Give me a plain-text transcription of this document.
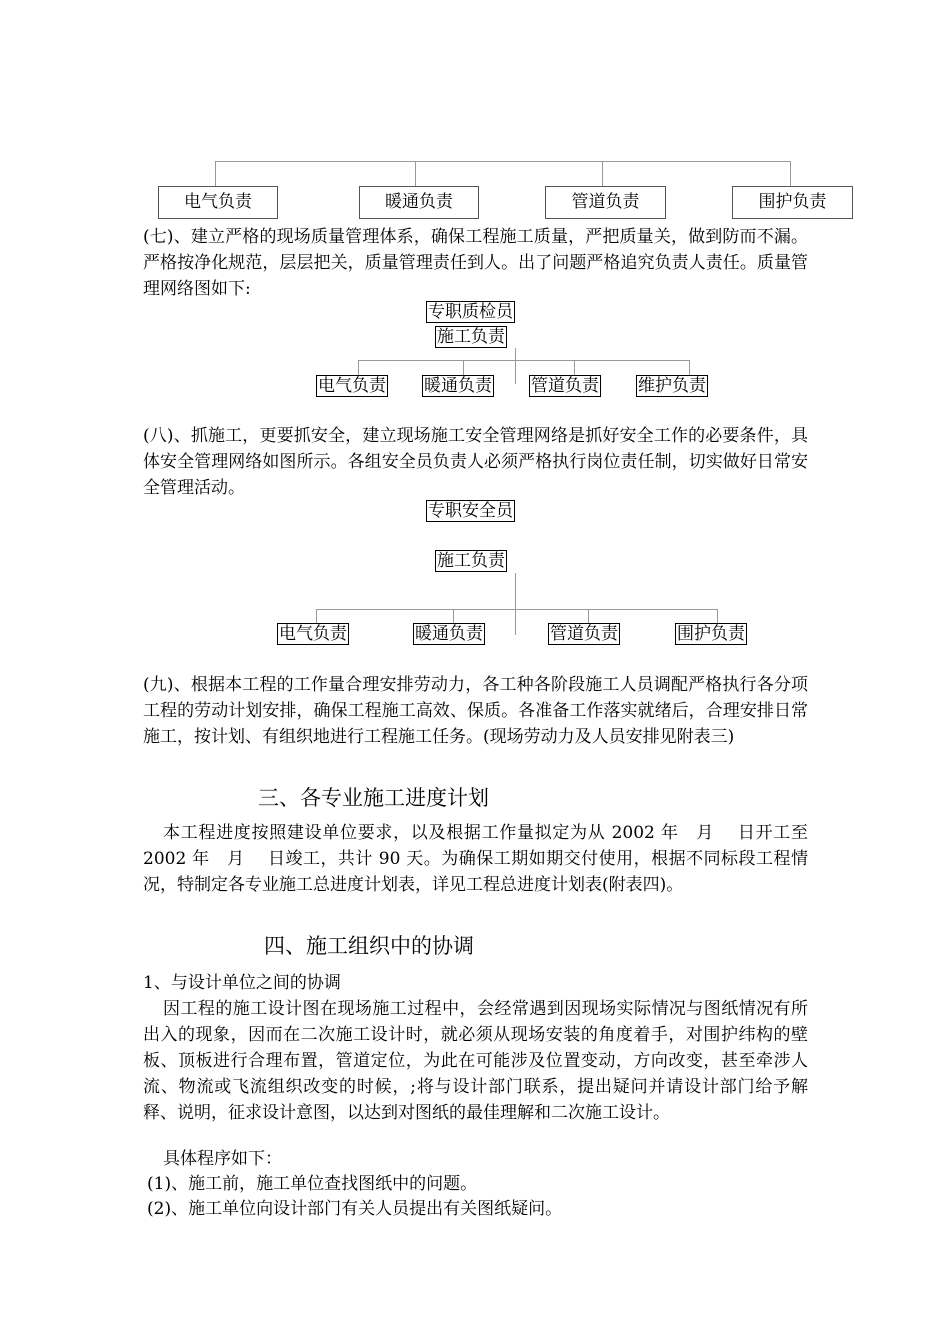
电气负责	暖通负责	管道负责	围护负责

(七)、建立严格的现场质量管理体系，确保工程施工质量，严把质量关，做到防而不漏。严格按净化规范，层层把关，质量管理责任到人。出了问题严格追究负责人责任。质量管理网络图如下:

专职质检员
施工负责
电气负责 暖通负责 管道负责 维护负责

(八)、抓施工，更要抓安全，建立现场施工安全管理网络是抓好安全工作的必要条件，具体安全管理网络如图所示。各组安全员负责人必须严格执行岗位责任制，切实做好日常安全管理活动。

专职安全员
施工负责
电气负责	暖通负责	管道负责	围护负责

(九)、根据本工程的工作量合理安排劳动力，各工种各阶段施工人员调配严格执行各分项工程的劳动计划安排，确保工程施工高效、保质。各准备工作落实就绪后，合理安排日常施工，按计划、有组织地进行工程施工任务。(现场劳动力及人员安排见附表三)

三、各专业施工进度计划

本工程进度按照建设单位要求，以及根据工作量拟定为从 2002 年　月　 日开工至 2002 年　月　 日竣工，共计 90 天。为确保工期如期交付使用，根据不同标段工程情况，特制定各专业施工总进度计划表，详见工程总进度计划表(附表四)。

四、施工组织中的协调
1、与设计单位之间的协调

因工程的施工设计图在现场施工过程中，会经常遇到因现场实际情况与图纸情况有所出入的现象，因而在二次施工设计时，就必须从现场安装的角度着手，对围护纬构的壁板、顶板进行合理布置，管道定位，为此在可能涉及位置变动，方向改变，甚至牵涉人流、物流或飞流组织改变的时候，;将与设计部门联系，提出疑问并请设计部门给予解释、说明，征求设计意图，以达到对图纸的最佳理解和二次施工设计。

具体程序如下：
(1)、施工前，施工单位查找图纸中的问题。
(2)、施工单位向设计部门有关人员提出有关图纸疑问。
